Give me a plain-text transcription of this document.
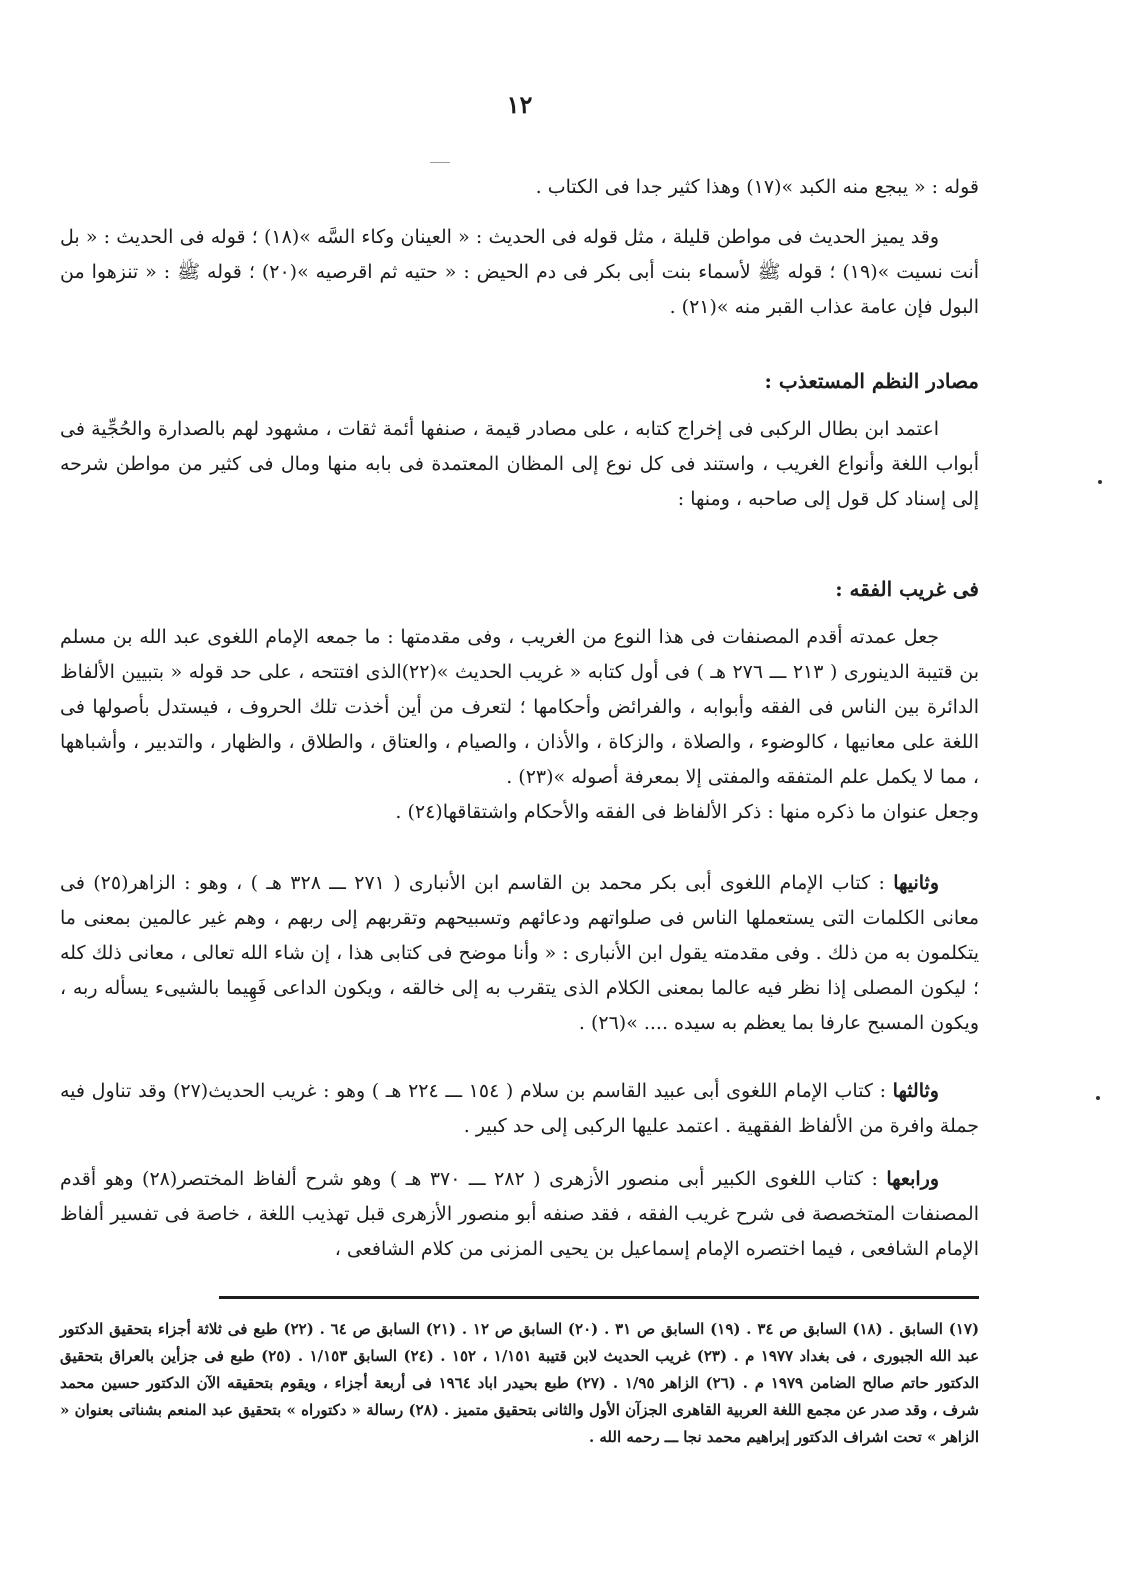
١٢

قوله : « يبجع منه الكبد »(١٧) وهذا كثير جدا فى الكتاب .

وقد يميز الحديث فى مواطن قليلة ، مثل قوله فى الحديث : « العينان وكاء السَّه »(١٨) ؛ قوله فى الحديث : « بل أنت نسيت »(١٩) ؛ قوله ﷺ لأسماء بنت أبى بكر فى دم الحيض : « حتيه ثم اقرصيه »(٢٠) ؛ قوله ﷺ : « تنزهوا من البول فإن عامة عذاب القبر منه »(٢١) .

مصادر النظم المستعذب :

اعتمد ابن بطال الركبى فى إخراج كتابه ، على مصادر قيمة ، صنفها أئمة ثقات ، مشهود لهم بالصدارة والحُجِّية فى أبواب اللغة وأنواع الغريب ، واستند فى كل نوع إلى المظان المعتمدة فى بابه منها ومال فى كثير من مواطن شرحه إلى إسناد كل قول إلى صاحبه ، ومنها :

فى غريب الفقه :

جعل عمدته أقدم المصنفات فى هذا النوع من الغريب ، وفى مقدمتها : ما جمعه الإمام اللغوى عبد الله بن مسلم بن قتيبة الدينورى ( ٢١٣ ـــ ٢٧٦ هـ ) فى أول كتابه « غريب الحديث »(٢٢)الذى افتتحه ، على حد قوله « بتبيين الألفاظ الدائرة بين الناس فى الفقه وأبوابه ، والفرائض وأحكامها ؛ لتعرف من أين أخذت تلك الحروف ، فيستدل بأصولها فى اللغة على معانيها ، كالوضوء ، والصلاة ، والزكاة ، والأذان ، والصيام ، والعتاق ، والطلاق ، والظهار ، والتدبير ، وأشباهها ، مما لا يكمل علم المتفقه والمفتى إلا بمعرفة أصوله »(٢٣) .

وجعل عنوان ما ذكره منها : ذكر الألفاظ فى الفقه والأحكام واشتقاقها(٢٤) .

وثانيها : كتاب الإمام اللغوى أبى بكر محمد بن القاسم ابن الأنبارى ( ٢٧١ ـــ ٣٢٨ هـ ) ، وهو : الزاهر(٢٥) فى معانى الكلمات التى يستعملها الناس فى صلواتهم ودعائهم وتسبيحهم وتقربهم إلى ربهم ، وهم غير عالمين بمعنى ما يتكلمون به من ذلك . وفى مقدمته يقول ابن الأنبارى : « وأنا موضح فى كتابى هذا ، إن شاء الله تعالى ، معانى ذلك كله ؛ ليكون المصلى إذا نظر فيه عالما بمعنى الكلام الذى يتقرب به إلى خالقه ، ويكون الداعى فَهِيما بالشيىء يسأله ربه ، ويكون المسبح عارفا بما يعظم به سيده .... »(٢٦) .

وثالثها : كتاب الإمام اللغوى أبى عبيد القاسم بن سلام ( ١٥٤ ـــ ٢٢٤ هـ ) وهو : غريب الحديث(٢٧) وقد تناول فيه جملة وافرة من الألفاظ الفقهية . اعتمد عليها الركبى إلى حد كبير .

ورابعها : كتاب اللغوى الكبير أبى منصور الأزهرى ( ٢٨٢ ـــ ٣٧٠ هـ ) وهو شرح ألفاظ المختصر(٢٨) وهو أقدم المصنفات المتخصصة فى شرح غريب الفقه ، فقد صنفه أبو منصور الأزهرى قبل تهذيب اللغة ، خاصة فى تفسير ألفاظ الإمام الشافعى ، فيما اختصره الإمام إسماعيل بن يحيى المزنى من كلام الشافعى ،

(١٧) السابق . (١٨) السابق ص ٣٤ . (١٩) السابق ص ٣١ . (٢٠) السابق ص ١٢ . (٢١) السابق ص ٦٤ . (٢٢) طبع فى ثلاثة أجزاء بتحقيق الدكتور عبد الله الجبورى ، فى بغداد ١٩٧٧ م . (٢٣) غريب الحديث لابن قتيبة ١/١٥١ ، ١٥٢ . (٢٤) السابق ١/١٥٣ . (٢٥) طبع فى جزأين بالعراق بتحقيق الدكتور حاتم صالح الضامن ١٩٧٩ م . (٢٦) الزاهر ١/٩٥ . (٢٧) طبع بحيدر اباد ١٩٦٤ فى أربعة أجزاء ، ويقوم بتحقيقه الآن الدكتور حسين محمد شرف ، وقد صدر عن مجمع اللغة العربية القاهرى الجزآن الأول والثانى بتحقيق متميز . (٢٨) رسالة « دكتوراه » بتحقيق عبد المنعم بشناتى بعنوان « الزاهر » تحت اشراف الدكتور إبراهيم محمد نجا ـــ رحمه الله .
